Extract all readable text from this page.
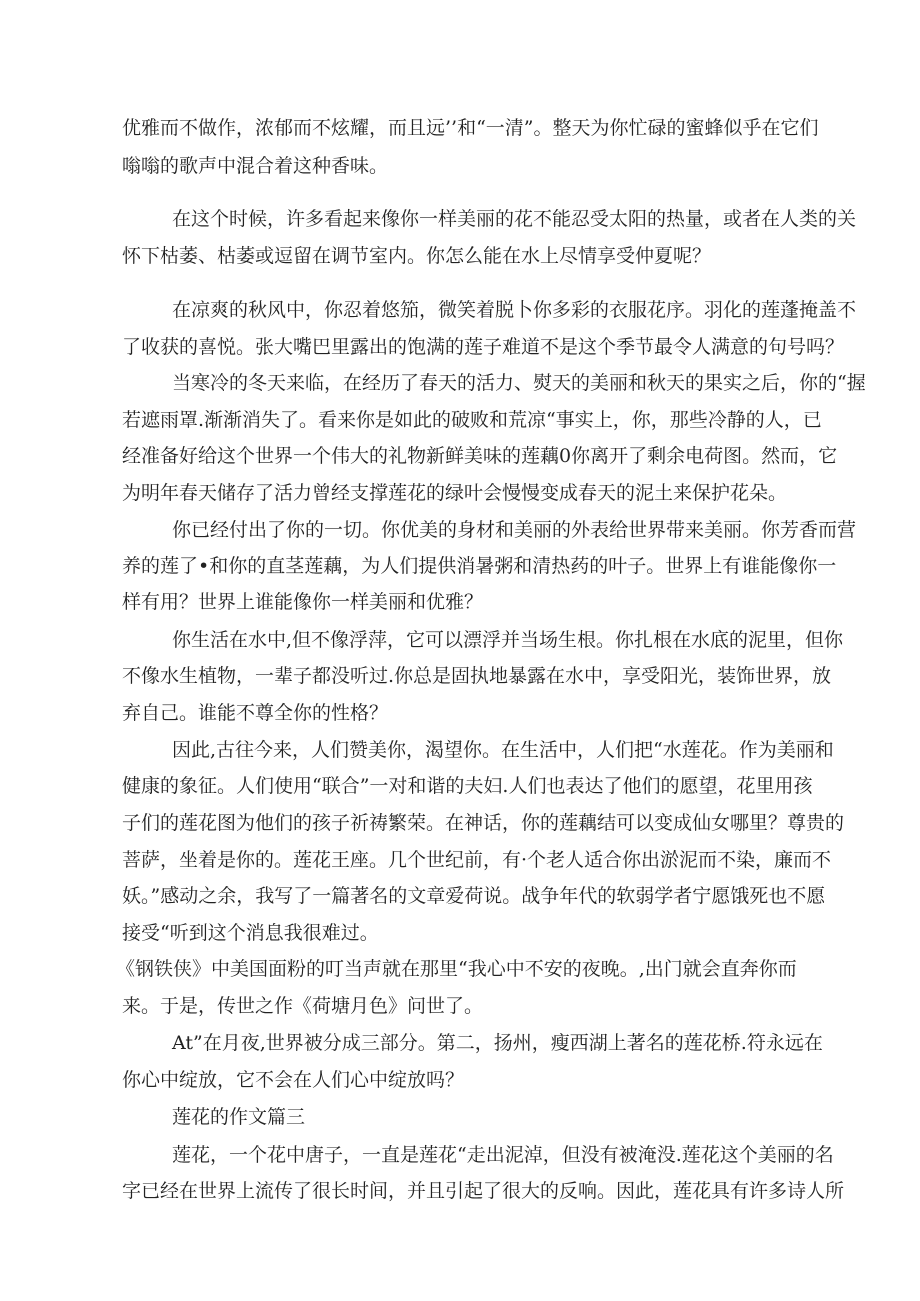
优雅而不做作，浓郁而不炫耀，而且远’’和“一清”。整天为你忙碌的蜜蜂似乎在它们
嗡嗡的歌声中混合着这种香味。
在这个时候，许多看起来像你一样美丽的花不能忍受太阳的热量，或者在人类的关
怀下枯萎、枯萎或逗留在调节室内。你怎么能在水上尽情享受仲夏呢？
在凉爽的秋风中，你忍着悠笳，微笑着脱卜你多彩的衣服花序。羽化的莲蓬掩盖不
了收获的喜悦。张大嘴巴里露出的饱满的莲子难道不是这个季节最令人满意的句号吗？
当寒冷的冬天来临，在经历了春天的活力、熨天的美丽和秋天的果实之后，你的“握
若遮雨罩.渐渐消失了。看来你是如此的破败和荒凉“事实上，你，那些冷静的人，已
经准备好给这个世界一个伟大的礼物新鲜美味的莲藕0你离开了剩余电荷图。然而，它
为明年春天储存了活力曾经支撑莲花的绿叶会慢慢变成春天的泥土来保护花朵。
你已经付出了你的一切。你优美的身材和美丽的外表给世界带来美丽。你芳香而营
养的莲了•和你的直茎莲藕，为人们提供消暑粥和清热药的叶子。世界上有谁能像你一
样有用？世界上谁能像你一样美丽和优雅？
你生活在水中,但不像浮萍，它可以漂浮并当场生根。你扎根在水底的泥里，但你
不像水生植物，一辈子都没听过.你总是固执地暴露在水中，享受阳光，装饰世界，放
弃自己。谁能不尊全你的性格？
因此,古往今来，人们赞美你，渴望你。在生活中，人们把“水莲花。作为美丽和
健康的象征。人们使用“联合”一对和谐的夫妇.人们也表达了他们的愿望，花里用孩
子们的莲花图为他们的孩子祈祷繁荣。在神话，你的莲藕结可以变成仙女哪里？尊贵的
菩萨，坐着是你的。莲花王座。几个世纪前，有·个老人适合你出淤泥而不染，廉而不
妖。”感动之余，我写了一篇著名的文章爱荷说。战争年代的软弱学者宁愿饿死也不愿
接受“听到这个消息我很难过。
《钢铁侠》中美国面粉的叮当声就在那里“我心中不安的夜晚。,出门就会直奔你而
来。于是，传世之作《荷塘月色》问世了。
At”在月夜,世界被分成三部分。第二，扬州，瘦西湖上著名的莲花桥.符永远在
你心中绽放，它不会在人们心中绽放吗？
莲花的作文篇三
莲花，一个花中唐子，一直是莲花“走出泥淖，但没有被淹没.莲花这个美丽的名
字已经在世界上流传了很长时间，并且引起了很大的反响。因此，莲花具有许多诗人所
